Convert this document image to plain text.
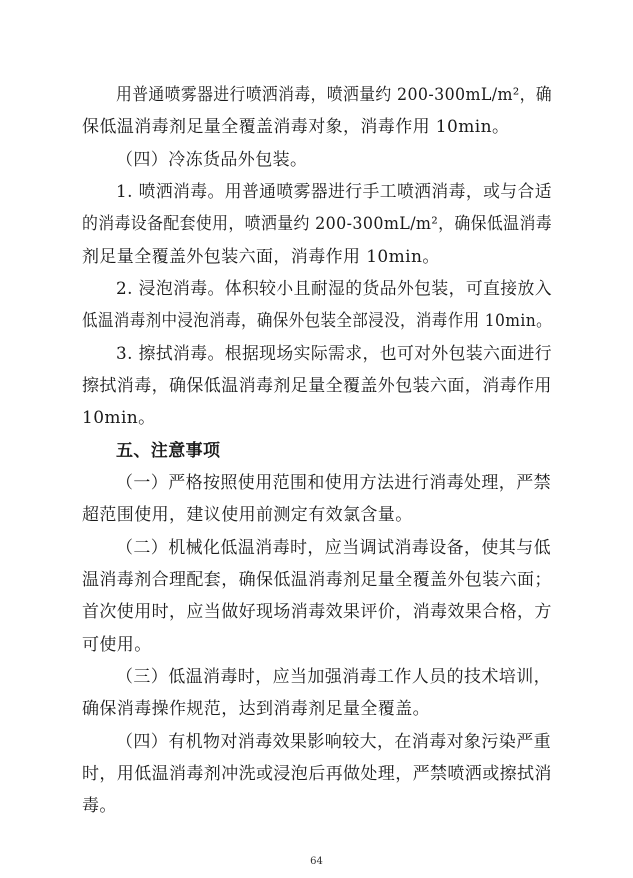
用普通喷雾器进行喷洒消毒，喷洒量约 200-300mL/m²，确
保低温消毒剂足量全覆盖消毒对象，消毒作用 10min。
（四）冷冻货品外包装。
1. 喷洒消毒。用普通喷雾器进行手工喷洒消毒，或与合适
的消毒设备配套使用，喷洒量约 200-300mL/m²，确保低温消毒
剂足量全覆盖外包装六面，消毒作用 10min。
2. 浸泡消毒。体积较小且耐湿的货品外包装，可直接放入
低温消毒剂中浸泡消毒，确保外包装全部浸没，消毒作用 10min。
3. 擦拭消毒。根据现场实际需求，也可对外包装六面进行
擦拭消毒，确保低温消毒剂足量全覆盖外包装六面，消毒作用
10min。
五、注意事项
（一）严格按照使用范围和使用方法进行消毒处理，严禁
超范围使用，建议使用前测定有效氯含量。
（二）机械化低温消毒时，应当调试消毒设备，使其与低
温消毒剂合理配套，确保低温消毒剂足量全覆盖外包装六面；
首次使用时，应当做好现场消毒效果评价，消毒效果合格，方
可使用。
（三）低温消毒时，应当加强消毒工作人员的技术培训，
确保消毒操作规范，达到消毒剂足量全覆盖。
（四）有机物对消毒效果影响较大，在消毒对象污染严重
时，用低温消毒剂冲洗或浸泡后再做处理，严禁喷洒或擦拭消
毒。
64
